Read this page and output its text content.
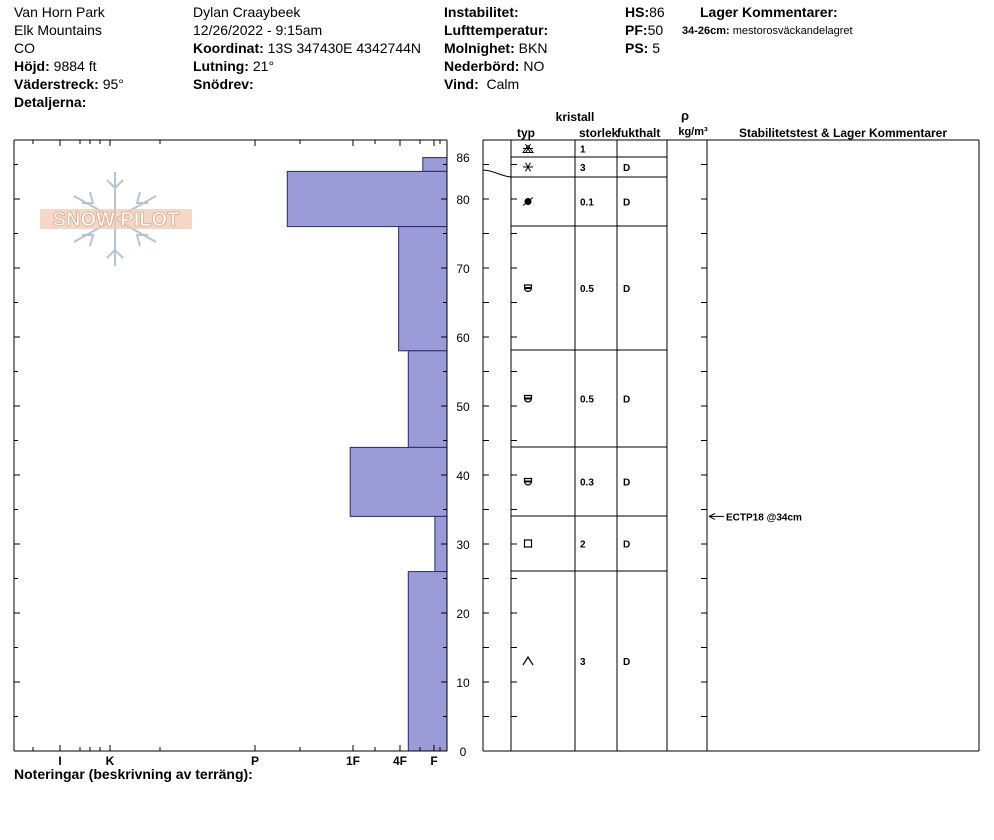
Van Horn Park
Elk Mountains
CO
Höjd: 9884 ft
Väderstreck: 95°
Detaljerna:
Dylan Craaybeek
12/26/2022 - 9:15am
Koordinat: 13S 347430E 4342744N
Lutning: 21°
Snödrev:
Instabilitet:
Lufttemperatur:
Molnighet: BKN
Nederbörd: NO
Vind: Calm
HS:86
PF:50
PS: 5
Lager Kommentarer:
34-26cm: mestorosväckandelagret
Noteringar (beskrivning av terräng):
SNOW PILOT
kristall
typ	storlek
fukthalt
ρ
kg/m³	Stabilitetstest & Lager Kommentarer
0
10
20
30
40
50
60
70
80
86
I	K	P	1F	4F F
1
3	D
0.1	D
0.5	D
0.5	D
0.3	D
2	D
3	D
ECTP18 @34cm
